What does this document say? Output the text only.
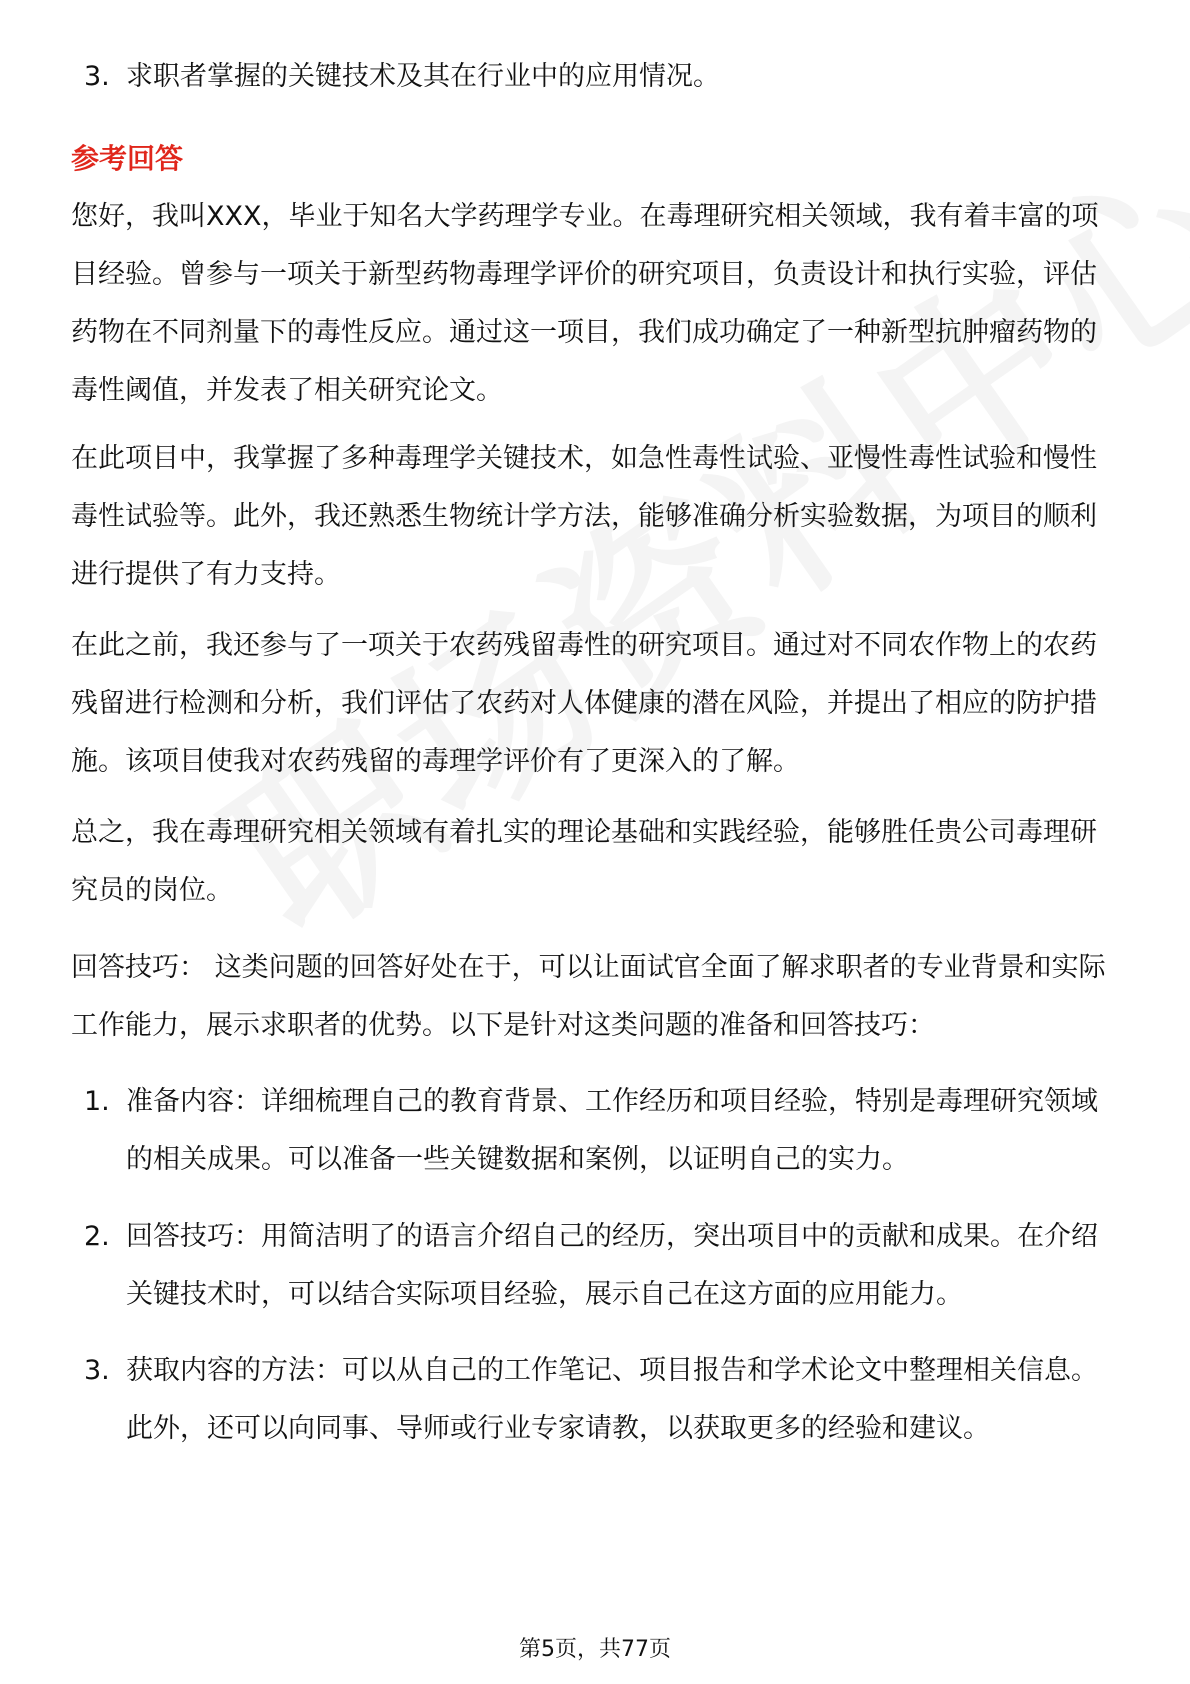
3. 求职者掌握的关键技术及其在行业中的应用情况。
参考回答
您好，我叫XXX，毕业于知名大学药理学专业。在毒理研究相关领域，我有着丰富的项目经验。曾参与一项关于新型药物毒理学评价的研究项目，负责设计和执行实验，评估药物在不同剂量下的毒性反应。通过这一项目，我们成功确定了一种新型抗肿瘤药物的毒性阈值，并发表了相关研究论文。
在此项目中，我掌握了多种毒理学关键技术，如急性毒性试验、亚慢性毒性试验和慢性毒性试验等。此外，我还熟悉生物统计学方法，能够准确分析实验数据，为项目的顺利进行提供了有力支持。
在此之前，我还参与了一项关于农药残留毒性的研究项目。通过对不同农作物上的农药残留进行检测和分析，我们评估了农药对人体健康的潜在风险，并提出了相应的防护措施。该项目使我对农药残留的毒理学评价有了更深入的了解。
总之，我在毒理研究相关领域有着扎实的理论基础和实践经验，能够胜任贵公司毒理研究员的岗位。
回答技巧： 这类问题的回答好处在于，可以让面试官全面了解求职者的专业背景和实际工作能力，展示求职者的优势。以下是针对这类问题的准备和回答技巧：
1. 准备内容：详细梳理自己的教育背景、工作经历和项目经验，特别是毒理研究领域的相关成果。可以准备一些关键数据和案例，以证明自己的实力。
2. 回答技巧：用简洁明了的语言介绍自己的经历，突出项目中的贡献和成果。在介绍关键技术时，可以结合实际项目经验，展示自己在这方面的应用能力。
3. 获取内容的方法：可以从自己的工作笔记、项目报告和学术论文中整理相关信息。此外，还可以向同事、导师或行业专家请教，以获取更多的经验和建议。
第5页，共77页
